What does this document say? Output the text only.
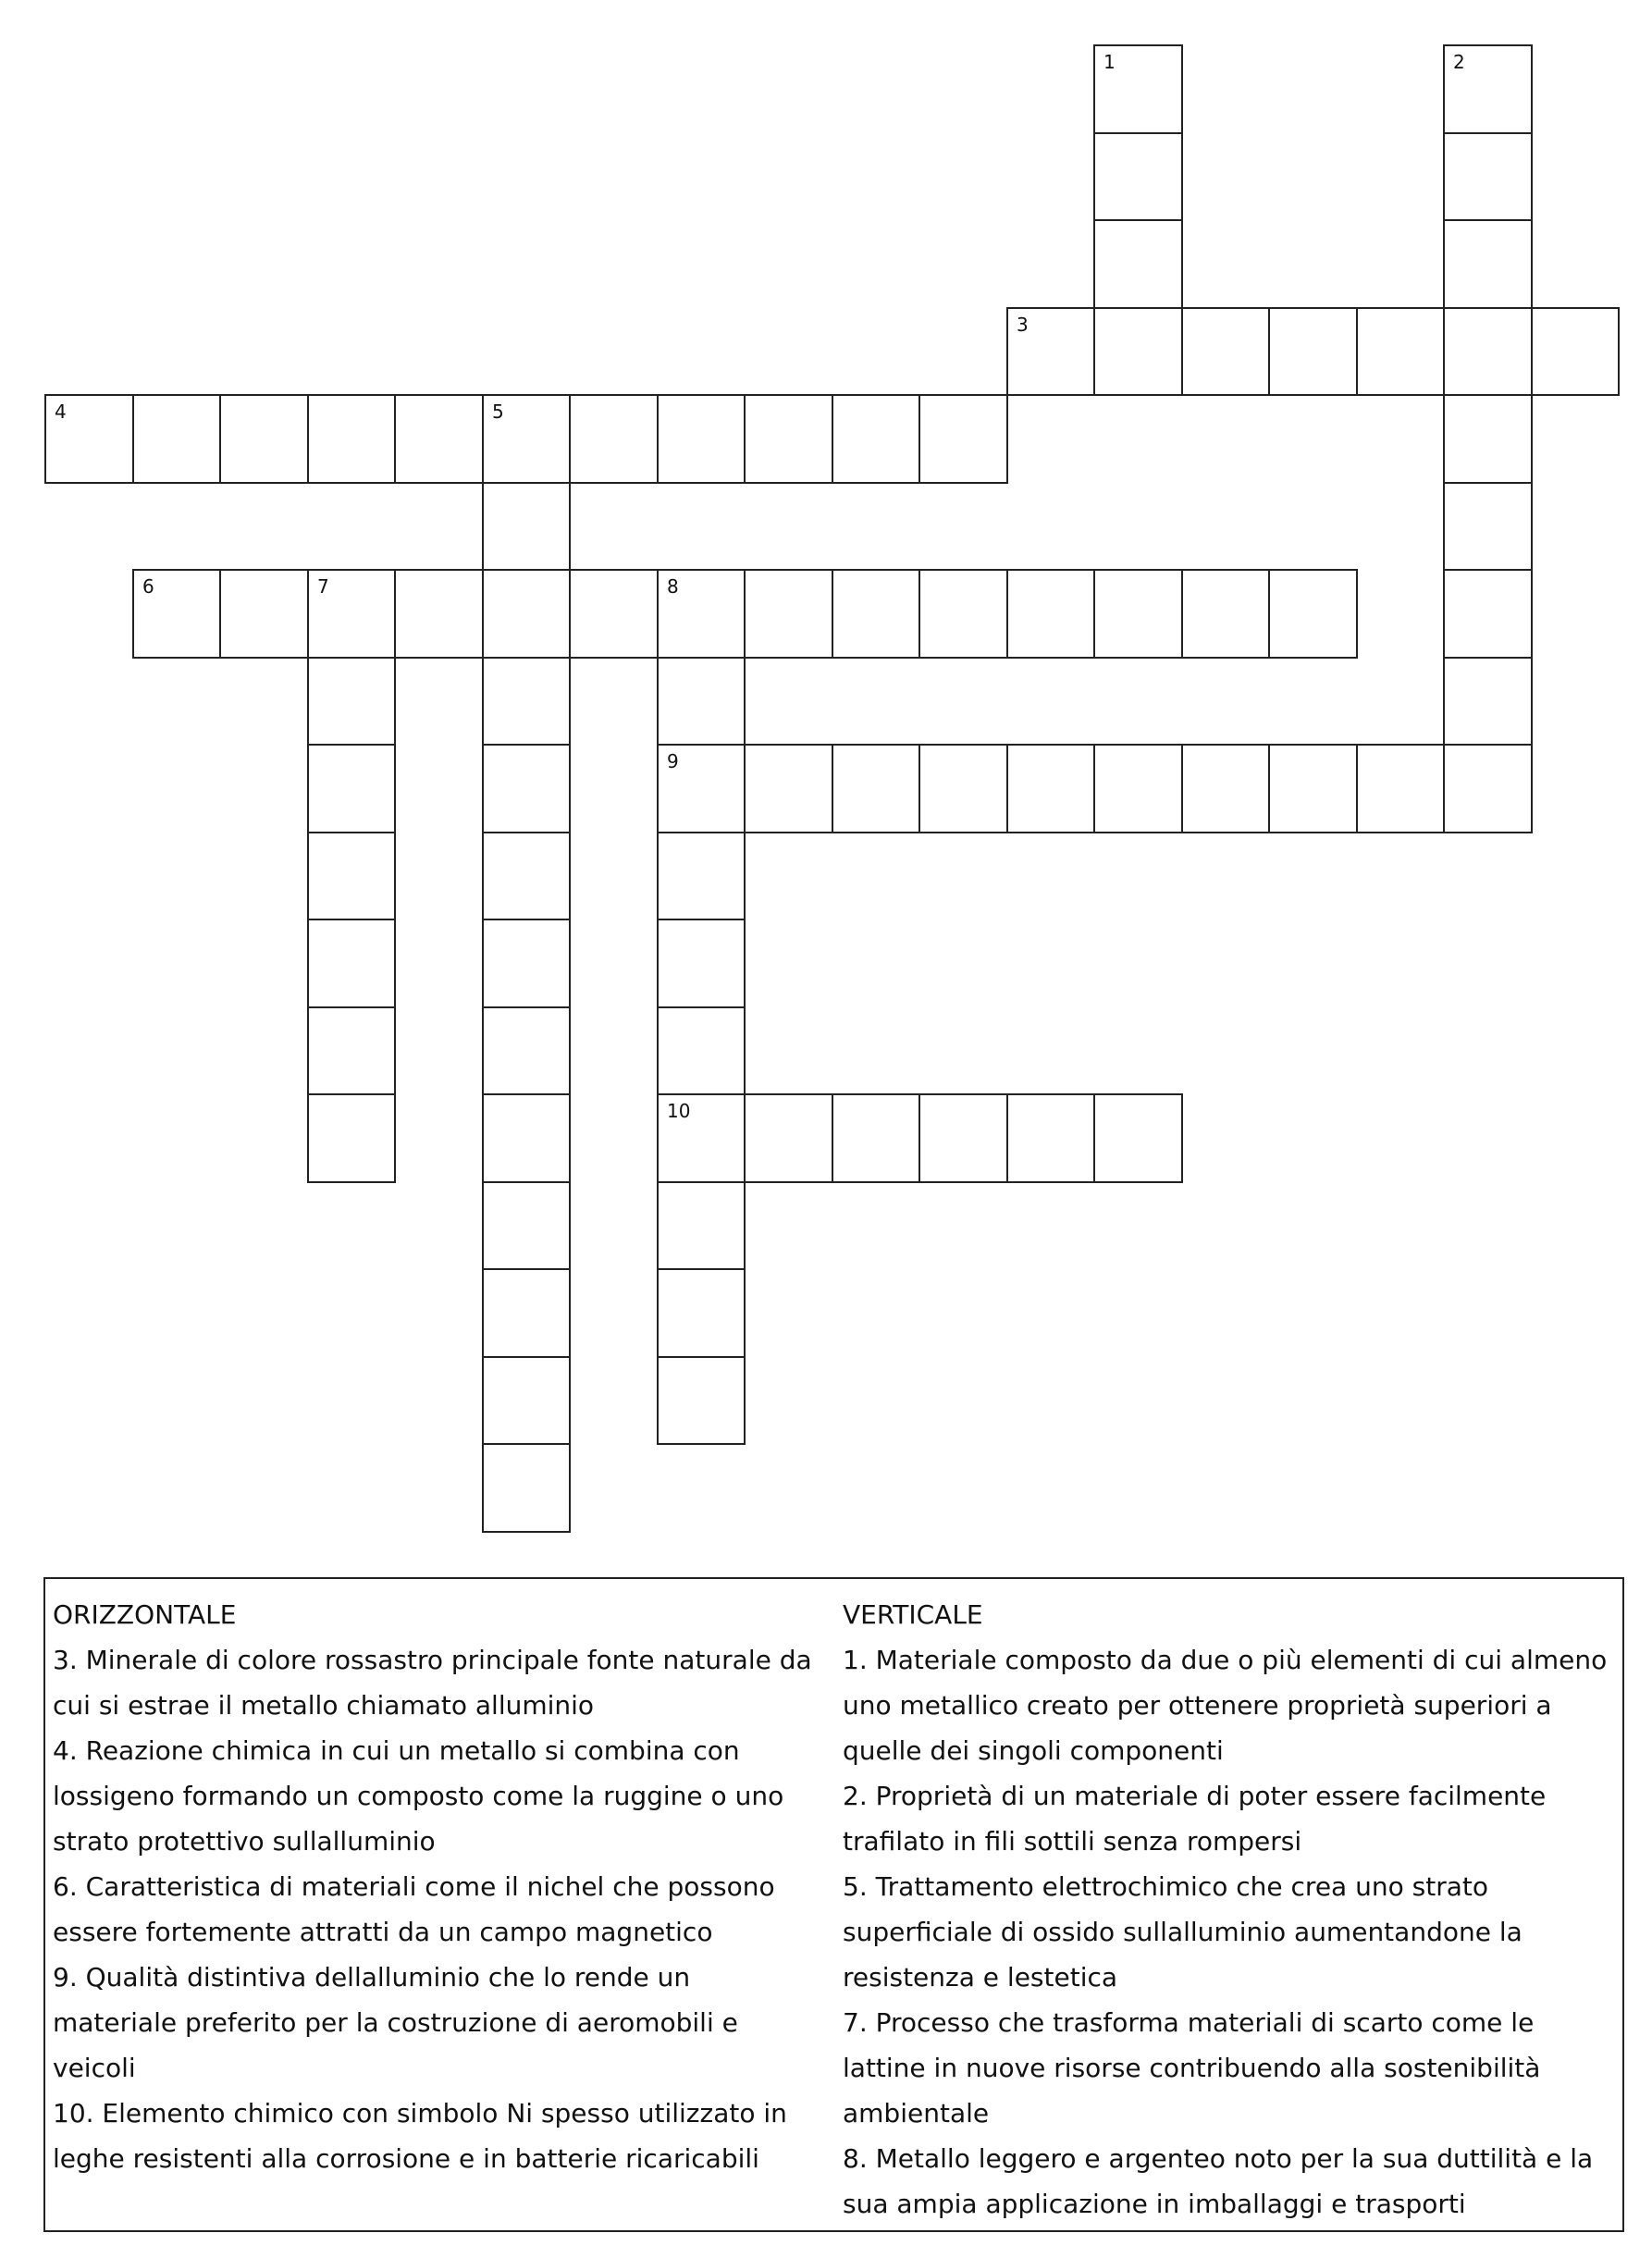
1	2
3
4	5
6	7	8
9
10
ORIZZONTALE
3. Minerale di colore rossastro principale fonte naturale da cui si estrae il metallo chiamato alluminio
4. Reazione chimica in cui un metallo si combina con lossigeno formando un composto come la ruggine o uno strato protettivo sullalluminio
6. Caratteristica di materiali come il nichel che possono essere fortemente attratti da un campo magnetico
9. Qualità distintiva dellalluminio che lo rende un materiale preferito per la costruzione di aeromobili e veicoli
10. Elemento chimico con simbolo Ni spesso utilizzato in leghe resistenti alla corrosione e in batterie ricaricabili
VERTICALE
1. Materiale composto da due o più elementi di cui almeno uno metallico creato per ottenere proprietà superiori a quelle dei singoli componenti
2. Proprietà di un materiale di poter essere facilmente trafilato in fili sottili senza rompersi
5. Trattamento elettrochimico che crea uno strato superficiale di ossido sullalluminio aumentandone la resistenza e lestetica
7. Processo che trasforma materiali di scarto come le lattine in nuove risorse contribuendo alla sostenibilità ambientale
8. Metallo leggero e argenteo noto per la sua duttilità e la sua ampia applicazione in imballaggi e trasporti
